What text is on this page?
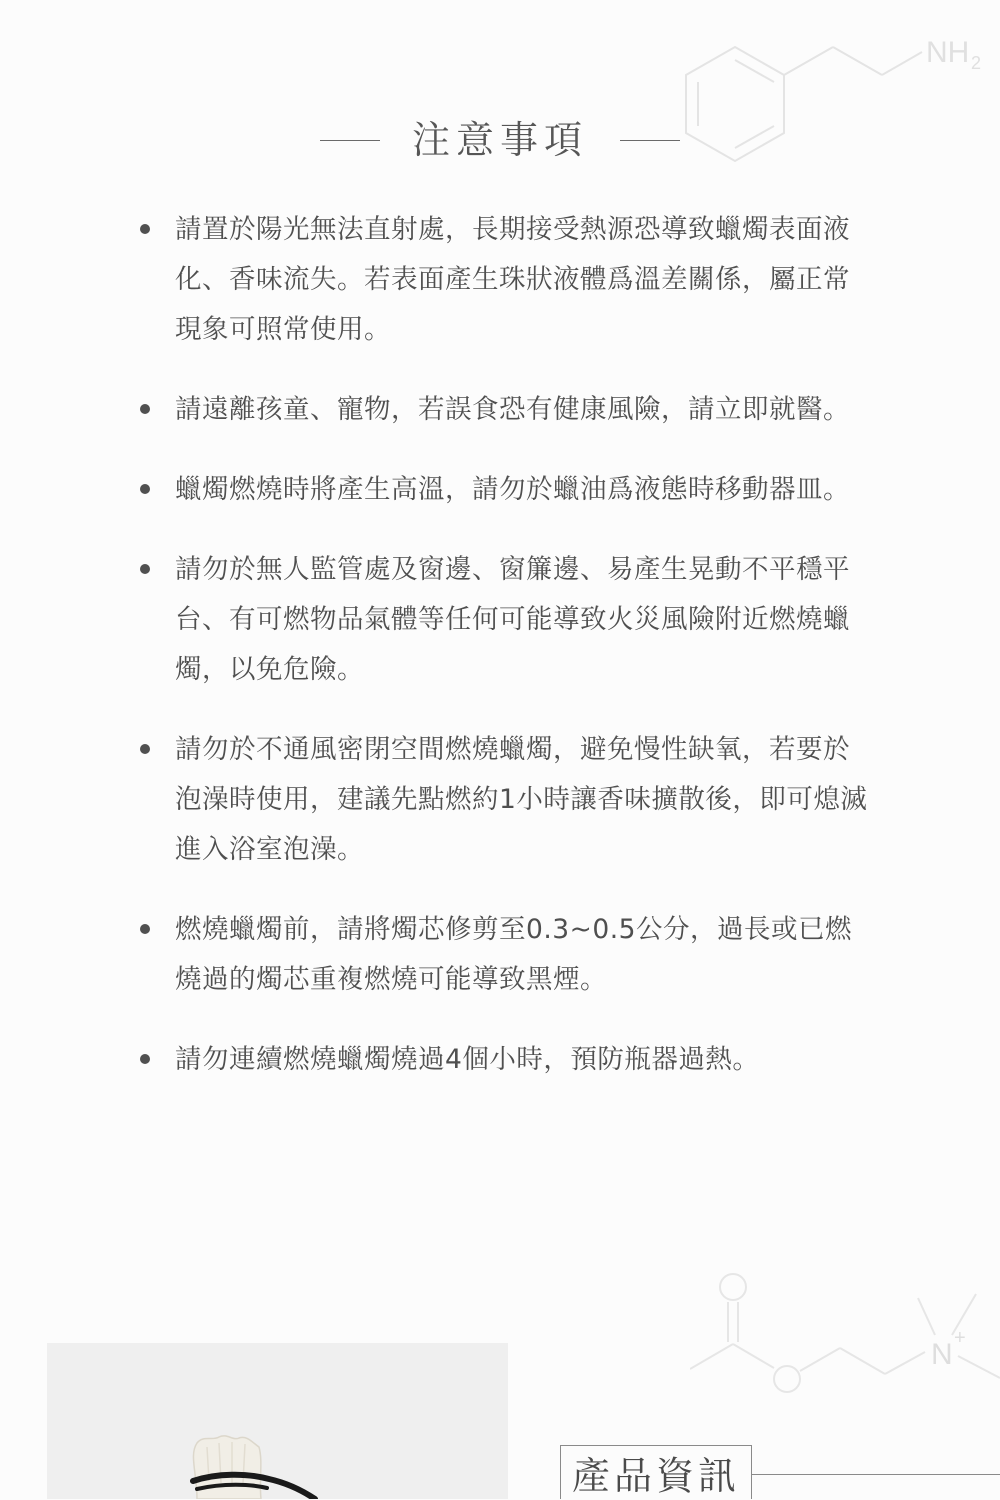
NH 2
注意事項
請置於陽光無法直射處，長期接受熱源恐導致蠟燭表面液化、香味流失。若表面產生珠狀液體爲溫差關係，屬正常現象可照常使用。
請遠離孩童、寵物，若誤食恐有健康風險，請立即就醫。
蠟燭燃燒時將產生高溫，請勿於蠟油爲液態時移動器皿。
請勿於無人監管處及窗邊、窗簾邊、易產生晃動不平穩平台、有可燃物品氣體等任何可能導致火災風險附近燃燒蠟燭，以免危險。
請勿於不通風密閉空間燃燒蠟燭，避免慢性缺氧，若要於泡澡時使用，建議先點燃約1小時讓香味擴散後，即可熄滅進入浴室泡澡。
燃燒蠟燭前，請將燭芯修剪至0.3~0.5公分，過長或已燃燒過的燭芯重複燃燒可能導致黑煙。
請勿連續燃燒蠟燭燒過4個小時，預防瓶器過熱。
N +
產品資訊
